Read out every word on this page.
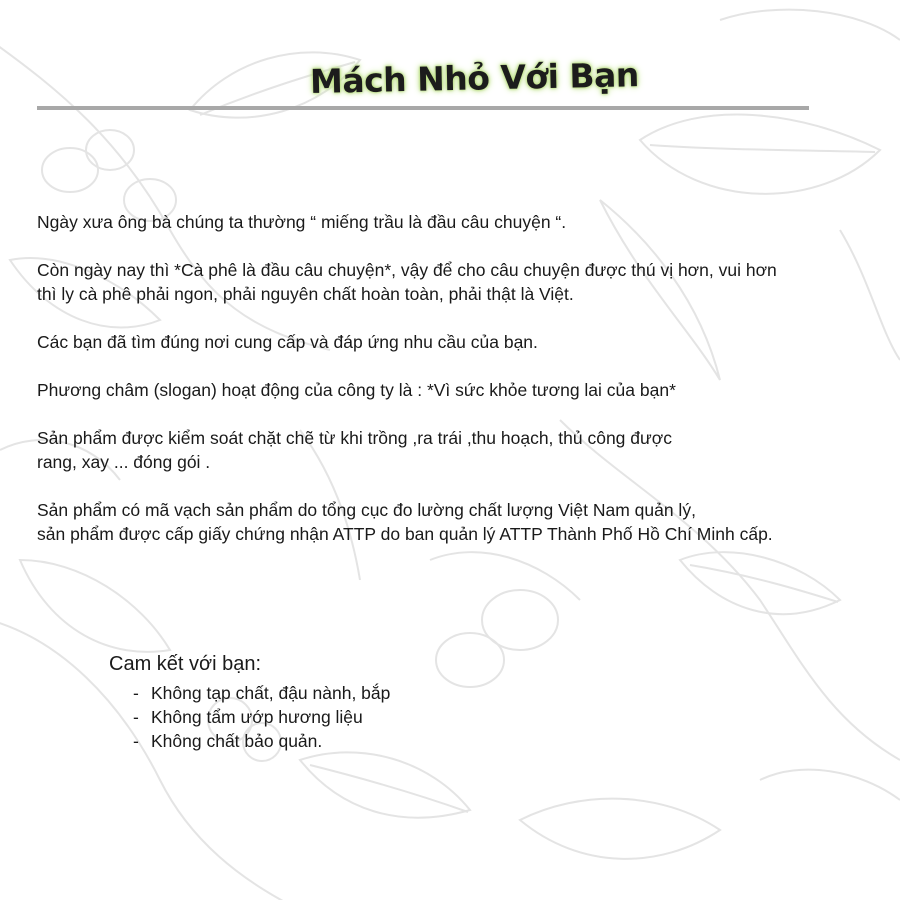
Mách Nhỏ Với Bạn

Ngày xưa ông bà chúng ta thường “ miếng trầu là đầu câu chuyện “.

Còn ngày nay thì *Cà phê là đầu câu chuyện*, vậy để cho câu chuyện được thú vị hơn, vui hơn
thì ly cà phê phải ngon, phải nguyên chất hoàn toàn, phải thật là Việt.

Các bạn đã tìm đúng nơi cung cấp và đáp ứng nhu cầu của bạn.

Phương châm (slogan) hoạt động của công ty là : *Vì sức khỏe tương lai của bạn*

Sản phẩm được kiểm soát chặt chẽ từ khi trồng ,ra trái ,thu hoạch, thủ công được
rang, xay ... đóng gói .

Sản phẩm có mã vạch sản phẩm do tổng cục đo lường chất lượng Việt Nam quản lý,
sản phẩm được cấp giấy chứng nhận ATTP do ban quản lý ATTP Thành Phố Hồ Chí Minh cấp.

Cam kết với bạn:
- Không tạp chất, đậu nành, bắp
- Không tẩm ướp hương liệu
- Không chất bảo quản.
